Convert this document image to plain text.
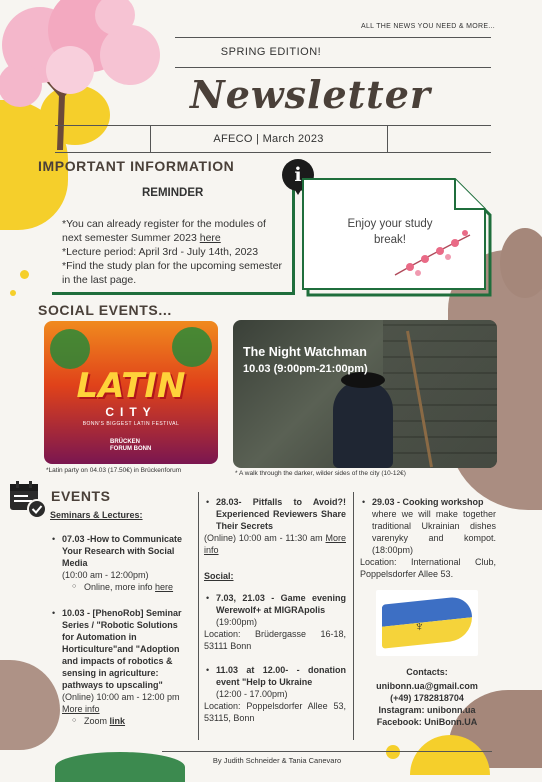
ALL THE NEWS YOU NEED & MORE...
SPRING EDITION!
Newsletter
AFECO | March 2023
IMPORTANT INFORMATION
REMINDER
*You can already register for the modules of next semester Summer 2023 here
*Lecture period: April 3rd - July 14th, 2023
*Find the study plan for the upcoming semester in the last page.
i
Enjoy your study break!
SOCIAL EVENTS...
LATIN
CITY
BONN'S BIGGEST LATIN FESTIVAL
BRÜCKEN FORUM BONN
*Latin party on 04.03 (17.50€) in Brückenforum
The Night Watchman
10.03 (9:00pm-21:00pm)
* A walk through the darker, wilder sides of the city (10-12€)
EVENTS
Seminars & Lectures:
• 07.03 -How to Communicate Your Research with Social Media
(10:00 am - 12:00pm)
○ Online, more info here
• 10.03 - [PhenoRob] Seminar Series / "Robotic Solutions for Automation in Horticulture"and "Adoption and impacts of robotics & sensing in agriculture: pathways to upscaling"
(Online) 10:00 am - 12:00 pm More info
○ Zoom link
• 28.03- Pitfalls to Avoid?! Experienced Reviewers Share Their Secrets
(Online) 10:00 am - 11:30 am More info
Social:
• 7.03, 21.03 - Game evening Werewolf+ at MIGRApolis
(19:00pm)
Location: Brüdergasse 16-18, 53111 Bonn
• 11.03 at 12.00- - donation event "Help to Ukraine
(12:00 - 17.00pm)
Location: Poppelsdorfer Allee 53, 53115, Bonn
• 29.03 - Cooking workshop
where we will make together traditional Ukrainian dishes varenyky and kompot. (18:00pm)
Location: International Club, Poppelsdorfer Allee 53.
♆
Contacts:
unibonn.ua@gmail.com
(+49) 1782818704
Instagram: unibonn.ua
Facebook: UniBonn.UA
By Judith Schneider & Tania Canevaro
